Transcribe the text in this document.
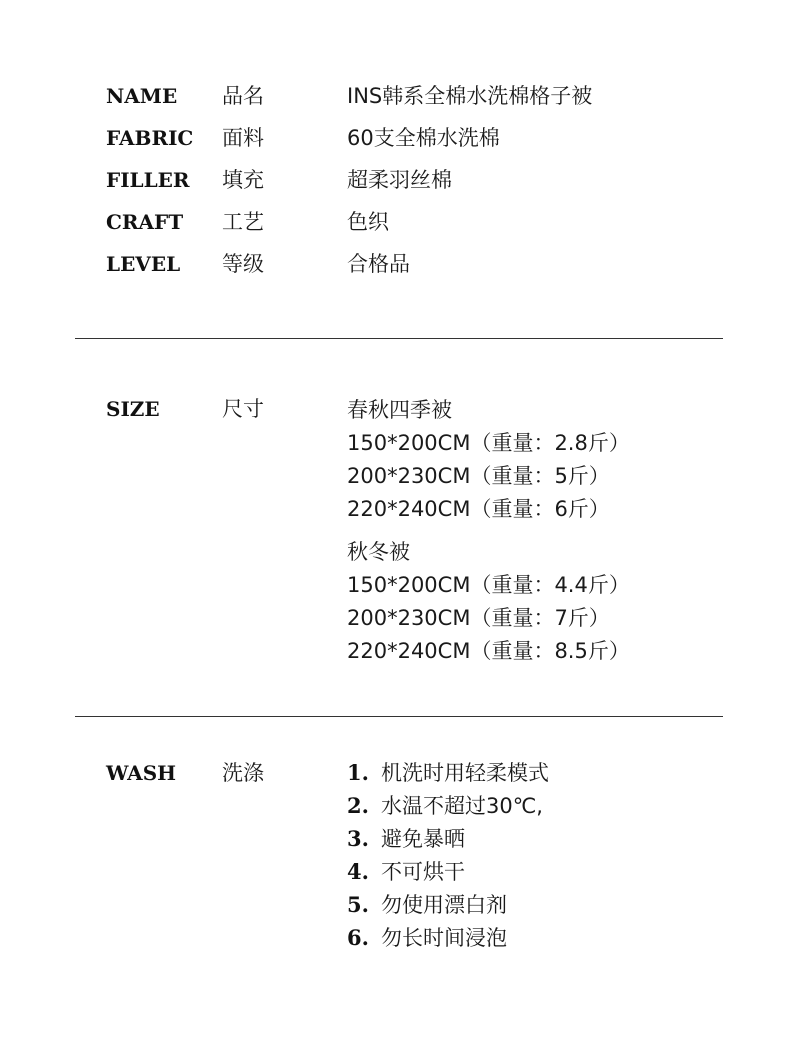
NAME 品名	INS韩系全棉水洗棉格子被
FABRIC 面料	60支全棉水洗棉
FILLER 填充	超柔羽丝棉
CRAFT 工艺	色织
LEVEL 等级	合格品
SIZE	尺寸	春秋四季被
150*200CM（重量：2.8斤）
200*230CM（重量：5斤）
220*240CM（重量：6斤）
秋冬被
150*200CM（重量：4.4斤）
200*230CM（重量：7斤）
220*240CM（重量：8.5斤）
WASH 洗涤	1. 机洗时用轻柔模式
2. 水温不超过30℃,
3. 避免暴晒
4. 不可烘干
5. 勿使用漂白剂
6. 勿长时间浸泡
